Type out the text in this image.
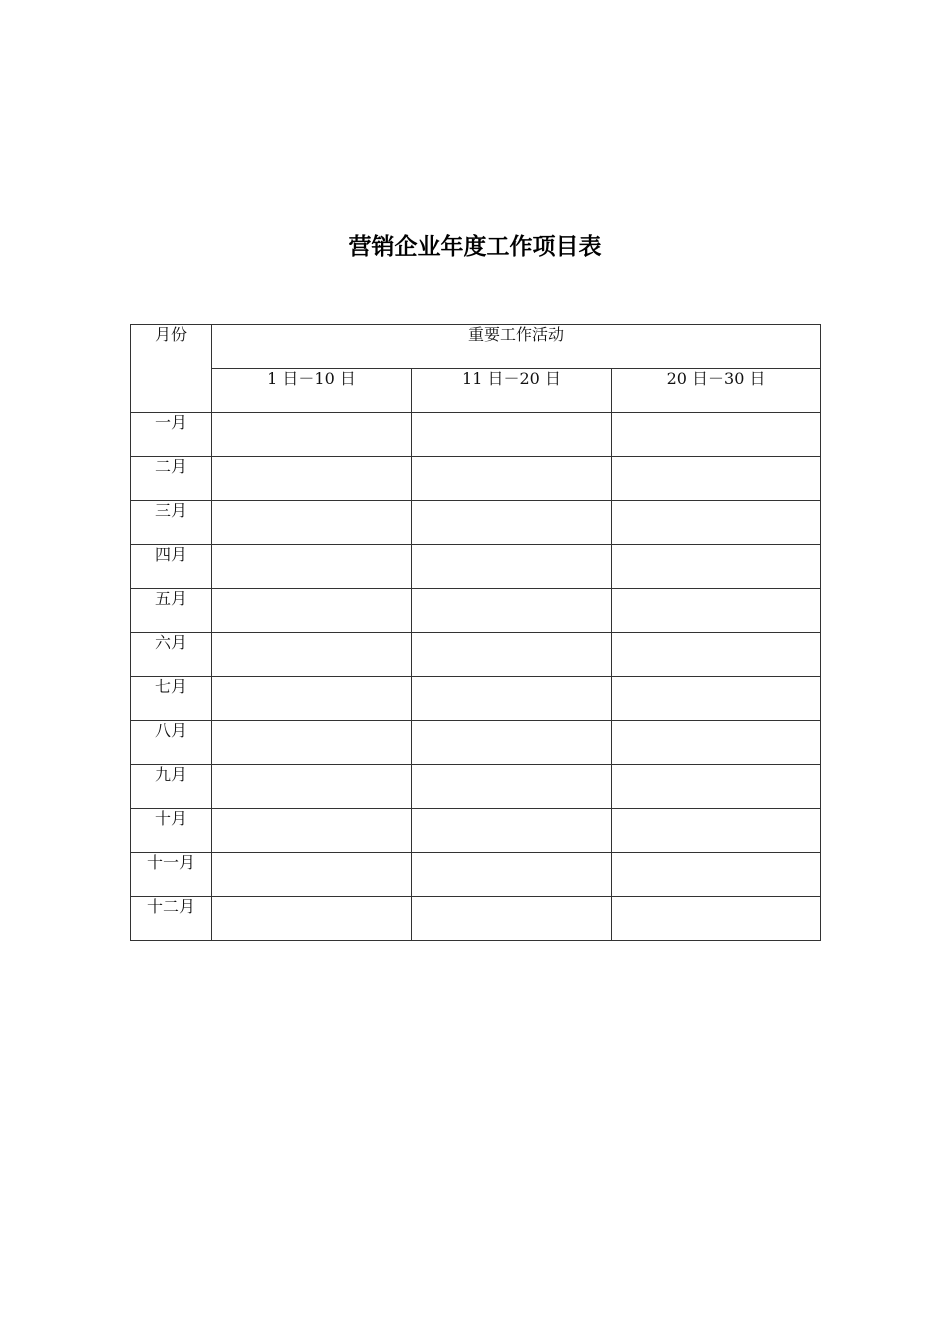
营销企业年度工作项目表
月份	重要工作活动		

	1 日－10 日	11 日－20 日	20 日－30 日

一月			

二月			

三月			

四月			

五月			

六月			

七月			

八月			

九月			

十月			

十一月			

十二月			
